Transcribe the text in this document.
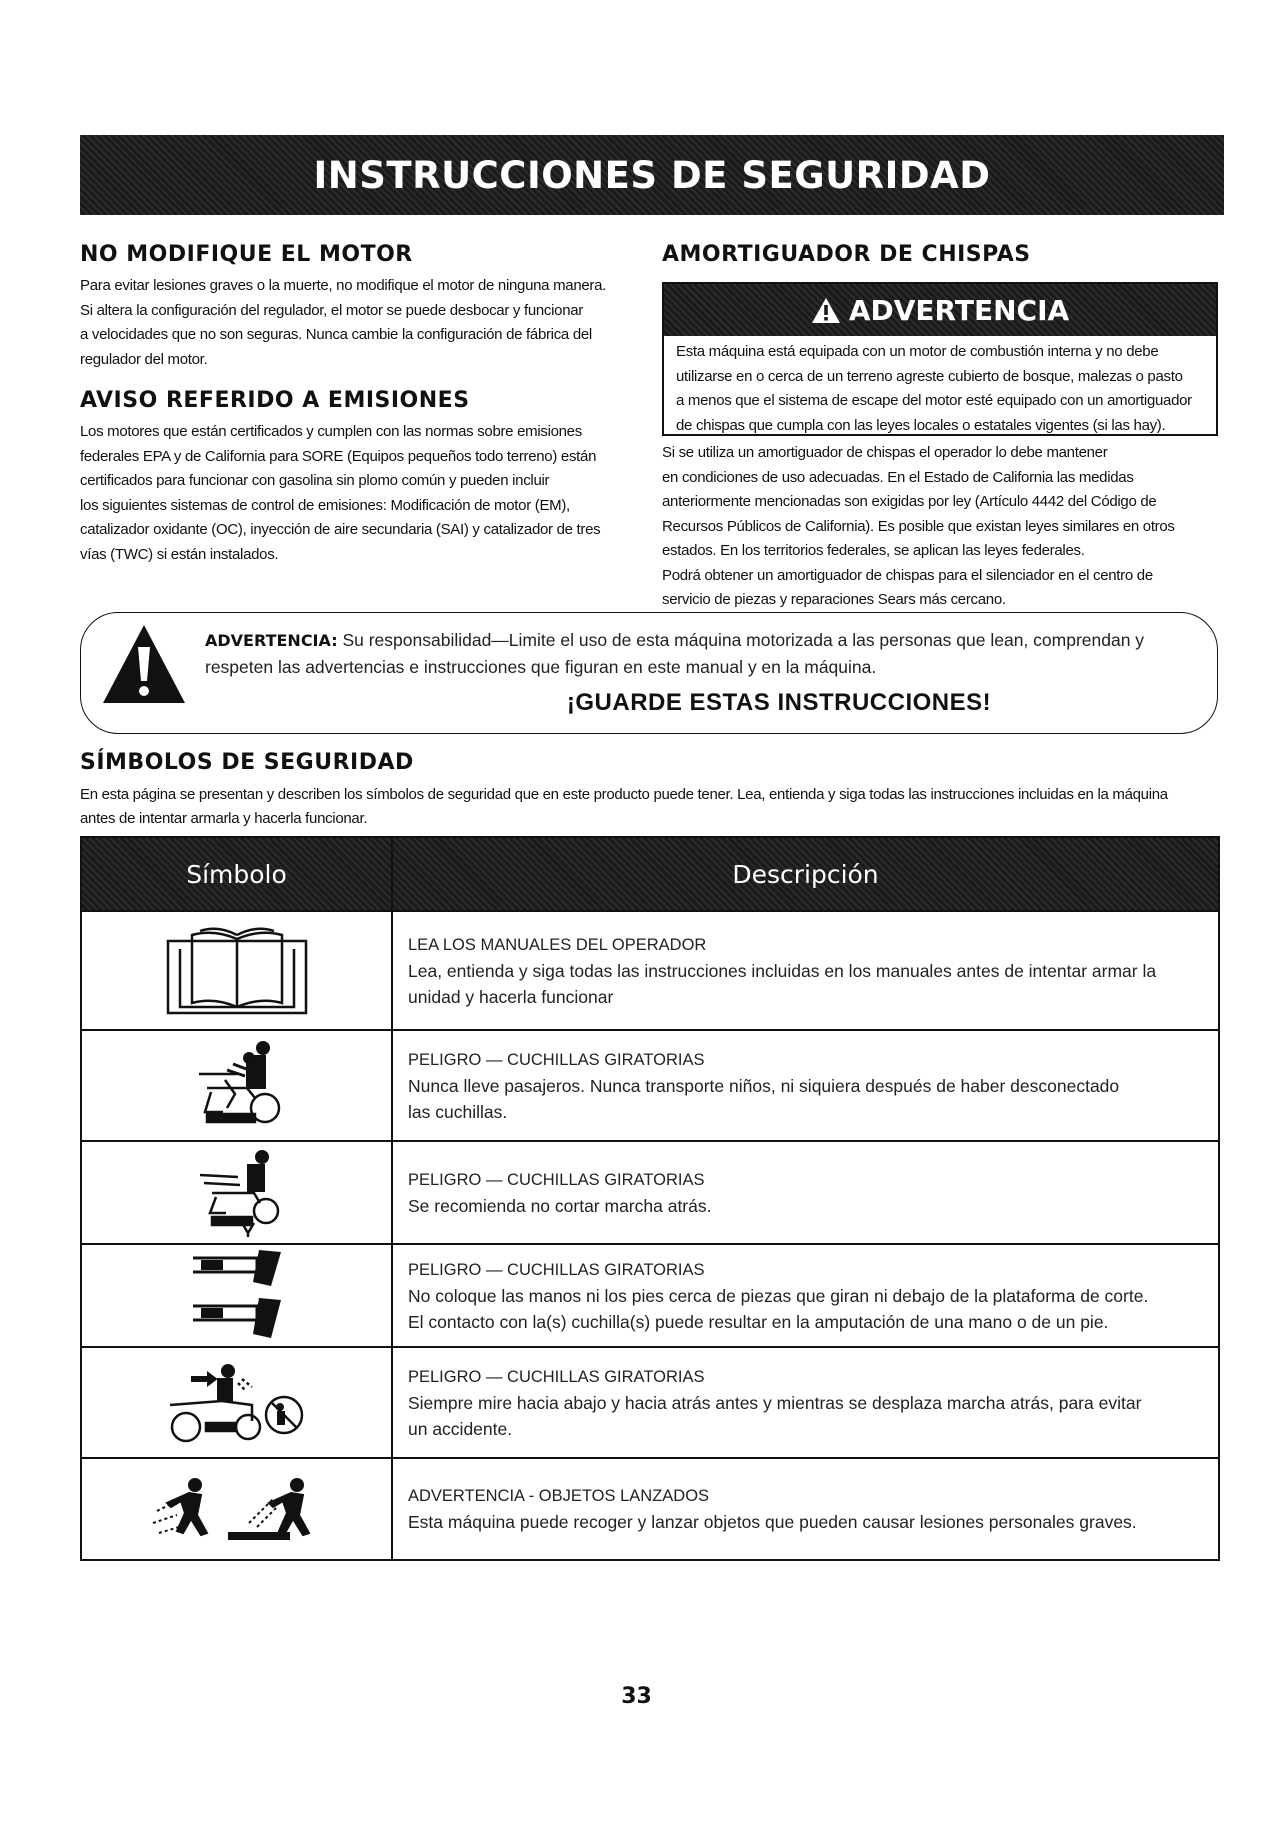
INSTRUCCIONES DE SEGURIDAD
NO MODIFIQUE EL MOTOR
Para evitar lesiones graves o la muerte, no modifique el motor de ninguna manera.
Si altera la configuración del regulador, el motor se puede desbocar y funcionar
a velocidades que no son seguras. Nunca cambie la configuración de fábrica del
regulador del motor.
AVISO REFERIDO A EMISIONES
Los motores que están certificados y cumplen con las normas sobre emisiones
federales EPA y de California para SORE (Equipos pequeños todo terreno) están
certificados para funcionar con gasolina sin plomo común y pueden incluir
los siguientes sistemas de control de emisiones: Modificación de motor (EM),
catalizador oxidante (OC), inyección de aire secundaria (SAI) y catalizador de tres
vías (TWC) si están instalados.
AMORTIGUADOR DE CHISPAS
ADVERTENCIA
Esta máquina está equipada con un motor de combustión interna y no debe
utilizarse en o cerca de un terreno agreste cubierto de bosque, malezas o pasto
a menos que el sistema de escape del motor esté equipado con un amortiguador
de chispas que cumpla con las leyes locales o estatales vigentes (si las hay).
Si se utiliza un amortiguador de chispas el operador lo debe mantener
en condiciones de uso adecuadas. En el Estado de California las medidas
anteriormente mencionadas son exigidas por ley (Artículo 4442 del Código de
Recursos Públicos de California). Es posible que existan leyes similares en otros
estados. En los territorios federales, se aplican las leyes federales.
Podrá obtener un amortiguador de chispas para el silenciador en el centro de
servicio de piezas y reparaciones Sears más cercano.
ADVERTENCIA: Su responsabilidad—Limite el uso de esta máquina motorizada a las personas que lean, comprendan y
respeten las advertencias e instrucciones que figuran en este manual y en la máquina.
¡GUARDE ESTAS INSTRUCCIONES!
SÍMBOLOS DE SEGURIDAD
En esta página se presentan y describen los símbolos de seguridad que en este producto puede tener. Lea, entienda y siga todas las instrucciones incluidas en la máquina
antes de intentar armarla y hacerla funcionar.
Símbolo	Descripción

LEA LOS MANUALES DEL OPERADOR
Lea, entienda y siga todas las instrucciones incluidas en los manuales antes de intentar armar la
unidad y hacerla funcionar

PELIGRO — CUCHILLAS GIRATORIAS
Nunca lleve pasajeros. Nunca transporte niños, ni siquiera después de haber desconectado
las cuchillas.

PELIGRO — CUCHILLAS GIRATORIAS
Se recomienda no cortar marcha atrás.

PELIGRO — CUCHILLAS GIRATORIAS
No coloque las manos ni los pies cerca de piezas que giran ni debajo de la plataforma de corte.
El contacto con la(s) cuchilla(s) puede resultar en la amputación de una mano o de un pie.

PELIGRO — CUCHILLAS GIRATORIAS
Siempre mire hacia abajo y hacia atrás antes y mientras se desplaza marcha atrás, para evitar
un accidente.

ADVERTENCIA - OBJETOS LANZADOS
Esta máquina puede recoger y lanzar objetos que pueden causar lesiones personales graves.
33
